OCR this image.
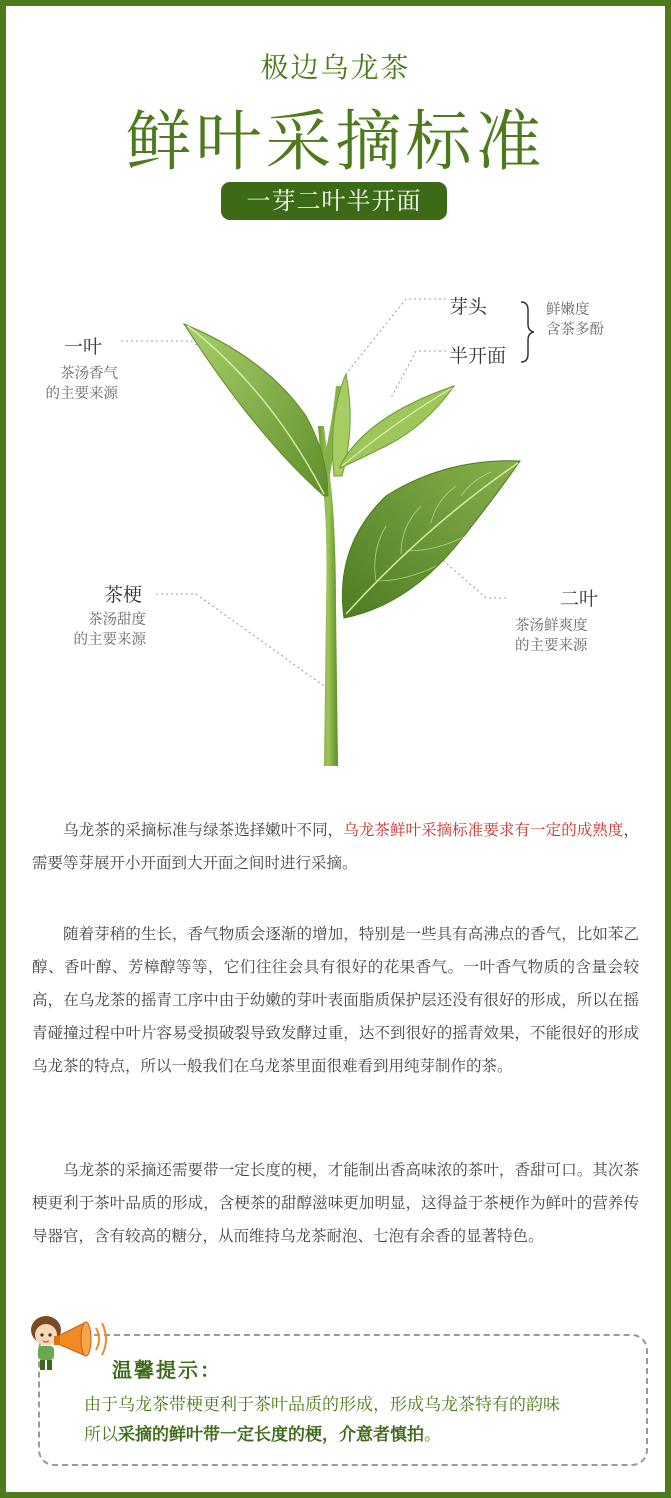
极边乌龙茶
鲜叶采摘标准
一芽二叶半开面
芽头
半开面
鲜嫩度
含茶多酚
一叶
茶汤香气
的主要来源
茶梗
茶汤甜度
的主要来源
二叶
茶汤鲜爽度
的主要来源

乌龙茶的采摘标准与绿茶选择嫩叶不同，乌龙茶鲜叶采摘标准要求有一定的成熟度，需要等芽展开小开面到大开面之间时进行采摘。

随着芽稍的生长，香气物质会逐渐的增加，特别是一些具有高沸点的香气，比如苯乙醇、香叶醇、芳樟醇等等，它们往往会具有很好的花果香气。一叶香气物质的含量会较高，在乌龙茶的摇青工序中由于幼嫩的芽叶表面脂质保护层还没有很好的形成，所以在摇青碰撞过程中叶片容易受损破裂导致发酵过重，达不到很好的摇青效果，不能很好的形成乌龙茶的特点，所以一般我们在乌龙茶里面很难看到用纯芽制作的茶。

乌龙茶的采摘还需要带一定长度的梗，才能制出香高味浓的茶叶，香甜可口。其次茶梗更利于茶叶品质的形成，含梗茶的甜醇滋味更加明显，这得益于茶梗作为鲜叶的营养传导器官，含有较高的糖分，从而维持乌龙茶耐泡、七泡有余香的显著特色。

温馨提示：
由于乌龙茶带梗更利于茶叶品质的形成，形成乌龙茶特有的韵味
所以采摘的鲜叶带一定长度的梗，介意者慎拍。
